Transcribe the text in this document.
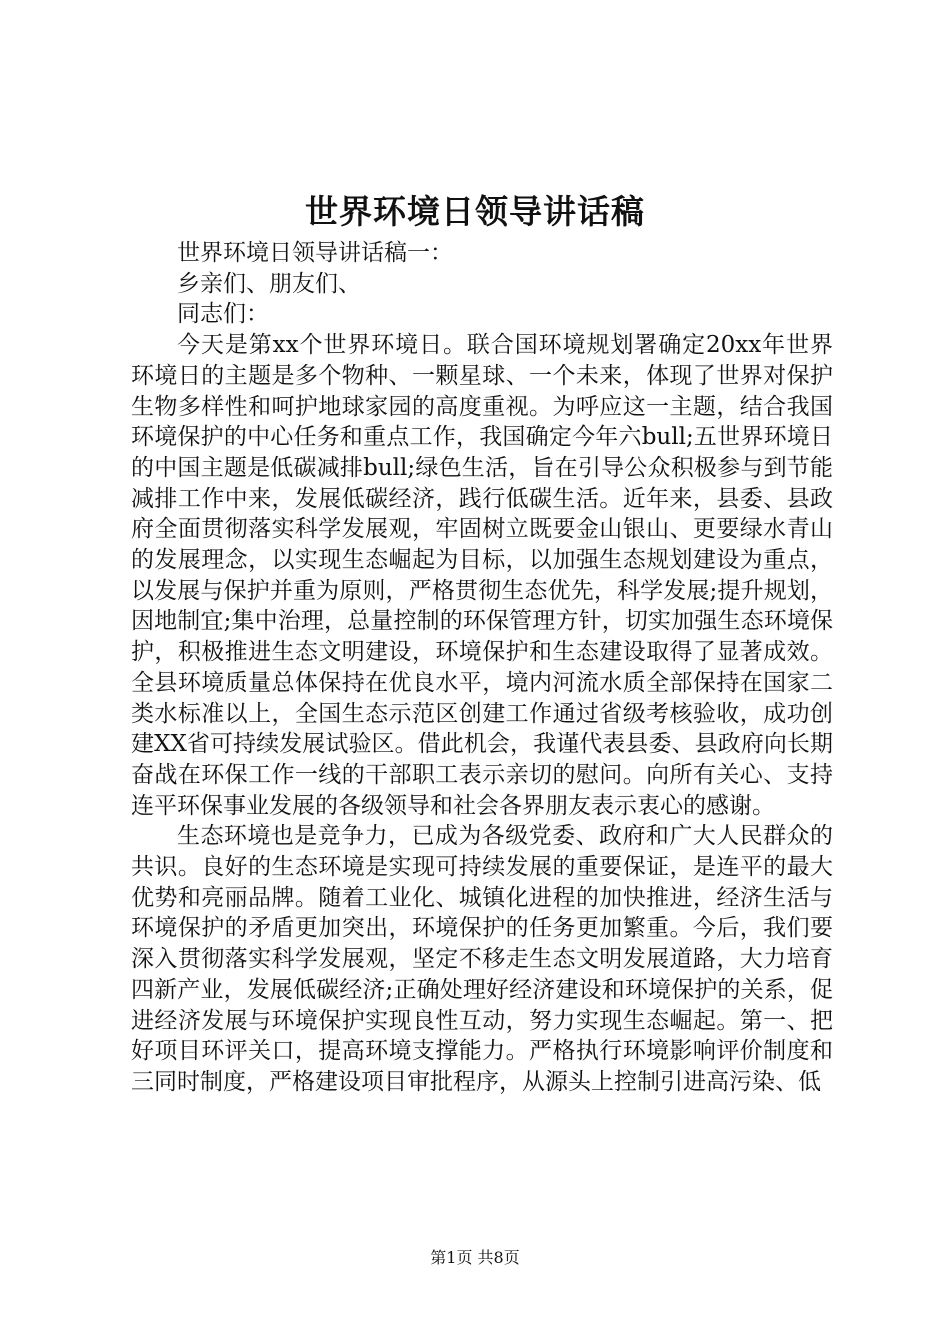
世界环境日领导讲话稿

世界环境日领导讲话稿一：

乡亲们、朋友们、

同志们：

今天是第xx个世界环境日。联合国环境规划署确定20xx年世界环境日的主题是多个物种、一颗星球、一个未来，体现了世界对保护生物多样性和呵护地球家园的高度重视。为呼应这一主题，结合我国环境保护的中心任务和重点工作，我国确定今年六bull;五世界环境日的中国主题是低碳减排bull;绿色生活，旨在引导公众积极参与到节能减排工作中来，发展低碳经济，践行低碳生活。近年来，县委、县政府全面贯彻落实科学发展观，牢固树立既要金山银山、更要绿水青山的发展理念，以实现生态崛起为目标，以加强生态规划建设为重点，以发展与保护并重为原则，严格贯彻生态优先，科学发展;提升规划，因地制宜;集中治理，总量控制的环保管理方针，切实加强生态环境保护，积极推进生态文明建设，环境保护和生态建设取得了显著成效。全县环境质量总体保持在优良水平，境内河流水质全部保持在国家二类水标准以上，全国生态示范区创建工作通过省级考核验收，成功创建XX省可持续发展试验区。借此机会，我谨代表县委、县政府向长期奋战在环保工作一线的干部职工表示亲切的慰问。向所有关心、支持连平环保事业发展的各级领导和社会各界朋友表示衷心的感谢。

生态环境也是竞争力，已成为各级党委、政府和广大人民群众的共识。良好的生态环境是实现可持续发展的重要保证，是连平的最大优势和亮丽品牌。随着工业化、城镇化进程的加快推进，经济生活与环境保护的矛盾更加突出，环境保护的任务更加繁重。今后，我们要深入贯彻落实科学发展观，坚定不移走生态文明发展道路，大力培育四新产业，发展低碳经济;正确处理好经济建设和环境保护的关系，促进经济发展与环境保护实现良性互动，努力实现生态崛起。第一、把好项目环评关口，提高环境支撑能力。严格执行环境影响评价制度和三同时制度，严格建设项目审批程序，从源头上控制引进高污染、低

第1页 共8页
